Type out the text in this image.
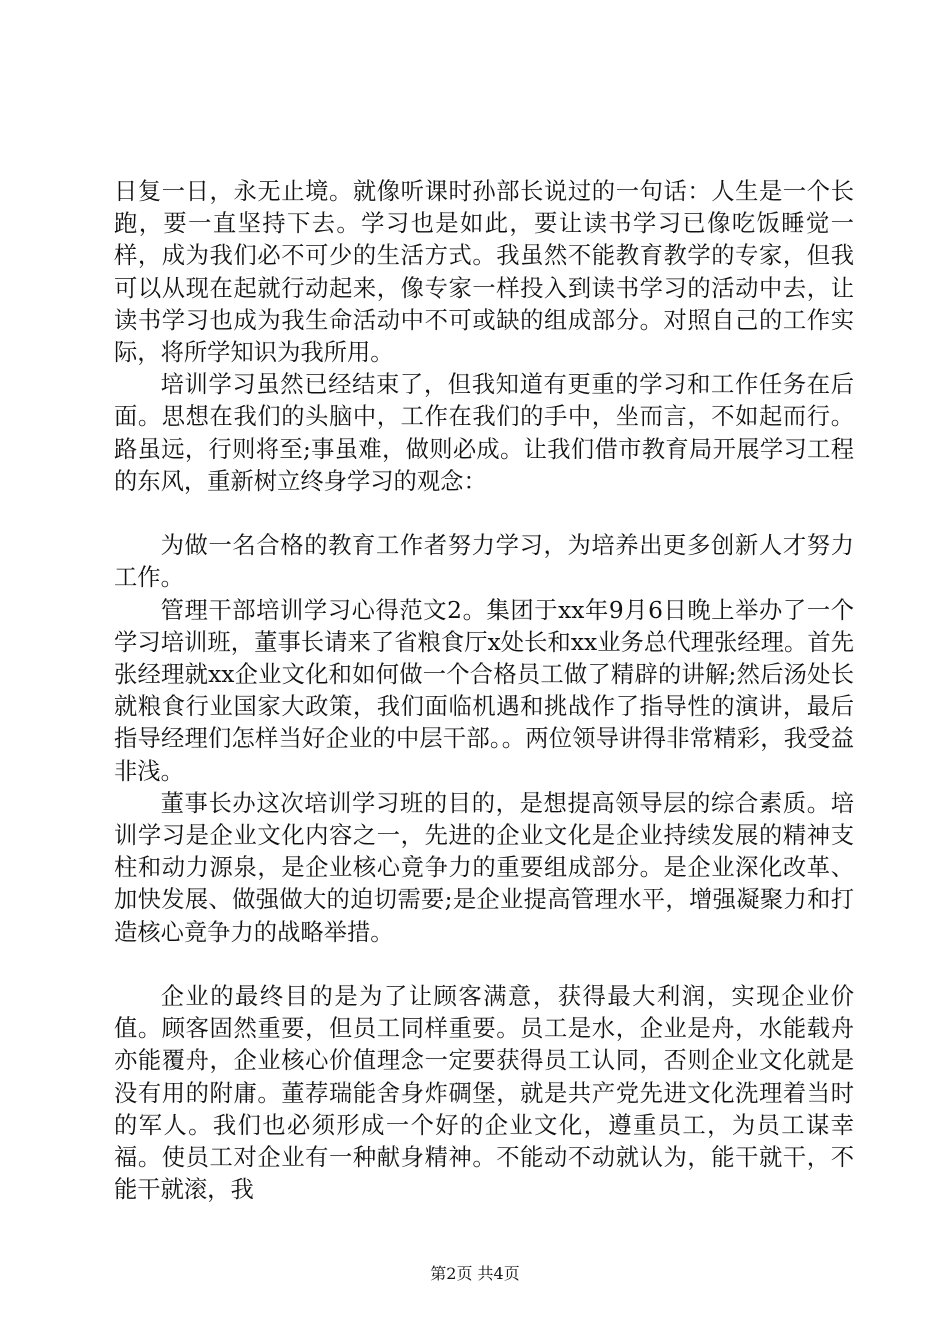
日复一日，永无止境。就像听课时孙部长说过的一句话：人生是一个长跑，要一直坚持下去。学习也是如此，要让读书学习已像吃饭睡觉一样，成为我们必不可少的生活方式。我虽然不能教育教学的专家，但我可以从现在起就行动起来，像专家一样投入到读书学习的活动中去，让读书学习也成为我生命活动中不可或缺的组成部分。对照自己的工作实际，将所学知识为我所用。

培训学习虽然已经结束了，但我知道有更重的学习和工作任务在后面。思想在我们的头脑中，工作在我们的手中，坐而言，不如起而行。路虽远，行则将至;事虽难，做则必成。让我们借市教育局开展学习工程的东风，重新树立终身学习的观念：

为做一名合格的教育工作者努力学习，为培养出更多创新人才努力工作。

管理干部培训学习心得范文2。集团于xx年9月6日晚上举办了一个学习培训班，董事长请来了省粮食厅x处长和xx业务总代理张经理。首先张经理就xx企业文化和如何做一个合格员工做了精辟的讲解;然后汤处长就粮食行业国家大政策，我们面临机遇和挑战作了指导性的演讲，最后指导经理们怎样当好企业的中层干部。。两位领导讲得非常精彩，我受益非浅。

董事长办这次培训学习班的目的，是想提高领导层的综合素质。培训学习是企业文化内容之一，先进的企业文化是企业持续发展的精神支柱和动力源泉，是企业核心竟争力的重要组成部分。是企业深化改革、加快发展、做强做大的迫切需要;是企业提高管理水平，增强凝聚力和打造核心竟争力的战略举措。

企业的最终目的是为了让顾客满意，获得最大利润，实现企业价值。顾客固然重要，但员工同样重要。员工是水，企业是舟，水能载舟亦能覆舟，企业核心价值理念一定要获得员工认同，否则企业文化就是没有用的附庸。董荐瑞能舍身炸碉堡，就是共产党先进文化洗理着当时的军人。我们也必须形成一个好的企业文化，遵重员工，为员工谋幸福。使员工对企业有一种献身精神。不能动不动就认为，能干就干，不能干就滚，我

第2页 共4页
